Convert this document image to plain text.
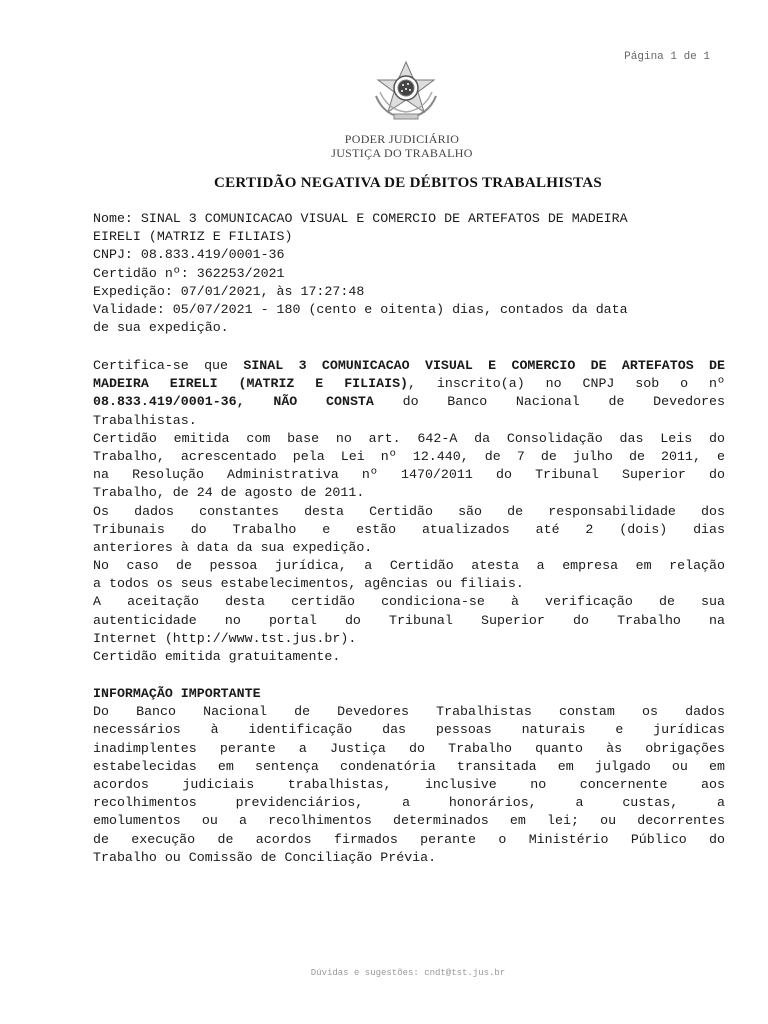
Página 1 de 1
PODER JUDICIÁRIO
JUSTIÇA DO TRABALHO
CERTIDÃO NEGATIVA DE DÉBITOS TRABALHISTAS
Nome: SINAL 3 COMUNICACAO VISUAL E COMERCIO DE ARTEFATOS DE MADEIRA
EIRELI (MATRIZ E FILIAIS)
CNPJ: 08.833.419/0001-36
Certidão nº: 362253/2021
Expedição: 07/01/2021, às 17:27:48
Validade: 05/07/2021 - 180 (cento e oitenta) dias, contados da data
de sua expedição.
Certifica-se que SINAL 3 COMUNICACAO VISUAL E COMERCIO DE ARTEFATOS DE
MADEIRA EIRELI (MATRIZ E FILIAIS), inscrito(a) no CNPJ sob o nº
08.833.419/0001-36, NÃO CONSTA do Banco Nacional de Devedores
Trabalhistas.
Certidão emitida com base no art. 642-A da Consolidação das Leis do
Trabalho, acrescentado pela Lei nº 12.440, de 7 de julho de 2011, e
na Resolução Administrativa nº 1470/2011 do Tribunal Superior do
Trabalho, de 24 de agosto de 2011.
Os dados constantes desta Certidão são de responsabilidade dos
Tribunais do Trabalho e estão atualizados até 2 (dois) dias
anteriores à data da sua expedição.
No caso de pessoa jurídica, a Certidão atesta a empresa em relação
a todos os seus estabelecimentos, agências ou filiais.
A aceitação desta certidão condiciona-se à verificação de sua
autenticidade no portal do Tribunal Superior do Trabalho na
Internet (http://www.tst.jus.br).
Certidão emitida gratuitamente.
INFORMAÇÃO IMPORTANTE
Do Banco Nacional de Devedores Trabalhistas constam os dados
necessários à identificação das pessoas naturais e jurídicas
inadimplentes perante a Justiça do Trabalho quanto às obrigações
estabelecidas em sentença condenatória transitada em julgado ou em
acordos judiciais trabalhistas, inclusive no concernente aos
recolhimentos previdenciários, a honorários, a custas, a
emolumentos ou a recolhimentos determinados em lei; ou decorrentes
de execução de acordos firmados perante o Ministério Público do
Trabalho ou Comissão de Conciliação Prévia.
Dúvidas e sugestões: cndt@tst.jus.br
